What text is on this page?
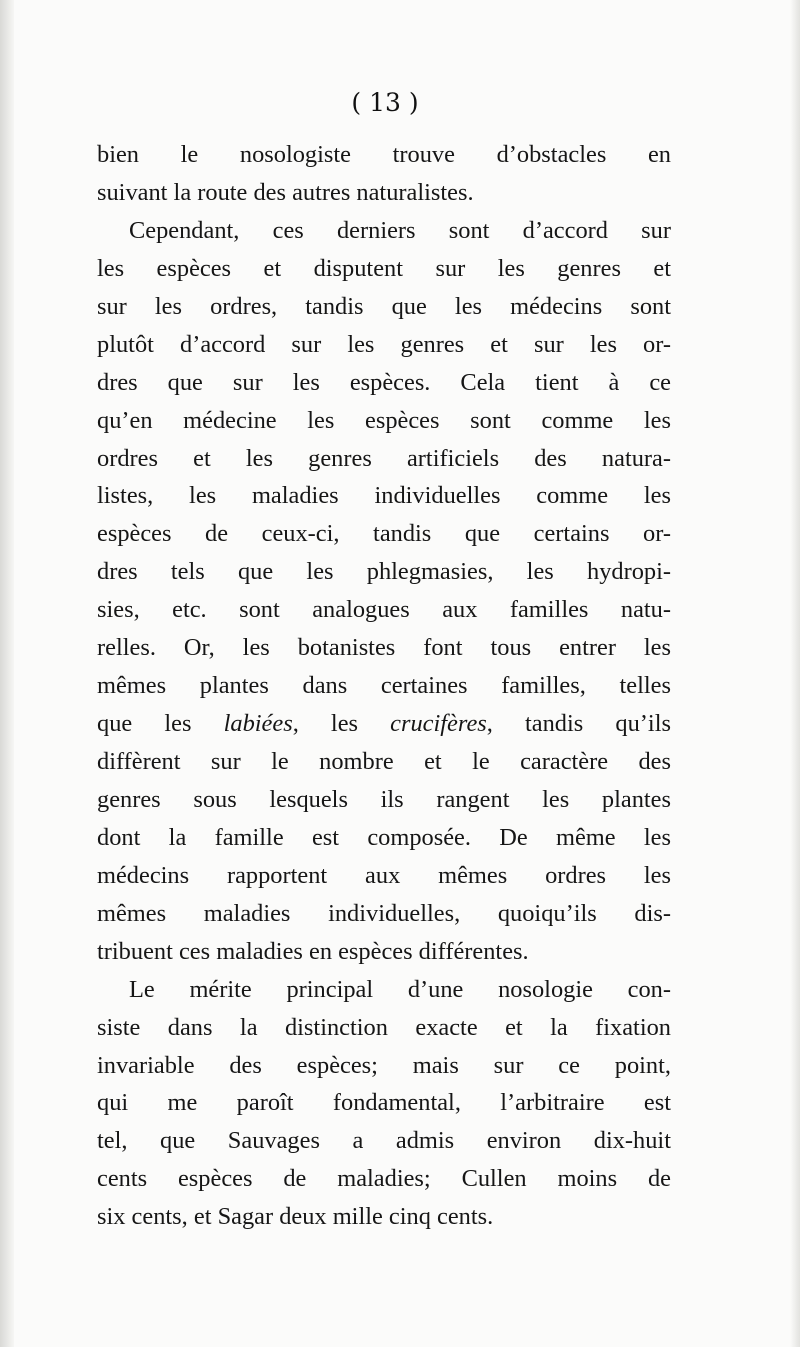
( 13 )
bien le nosologiste trouve d’obstacles en
suivant la route des autres naturalistes.
Cependant, ces derniers sont d’accord sur
les espèces et disputent sur les genres et
sur les ordres, tandis que les médecins sont
plutôt d’accord sur les genres et sur les or-
dres que sur les espèces. Cela tient à ce
qu’en médecine les espèces sont comme les
ordres et les genres artificiels des natura-
listes, les maladies individuelles comme les
espèces de ceux-ci, tandis que certains or-
dres tels que les phlegmasies, les hydropi-
sies, etc. sont analogues aux familles natu-
relles. Or, les botanistes font tous entrer les
mêmes plantes dans certaines familles, telles
que les labiées, les crucifères, tandis qu’ils
diffèrent sur le nombre et le caractère des
genres sous lesquels ils rangent les plantes
dont la famille est composée. De même les
médecins rapportent aux mêmes ordres les
mêmes maladies individuelles, quoiqu’ils dis-
tribuent ces maladies en espèces différentes.
Le mérite principal d’une nosologie con-
siste dans la distinction exacte et la fixation
invariable des espèces; mais sur ce point,
qui me paroît fondamental, l’arbitraire est
tel, que Sauvages a admis environ dix-huit
cents espèces de maladies; Cullen moins de
six cents, et Sagar deux mille cinq cents.
